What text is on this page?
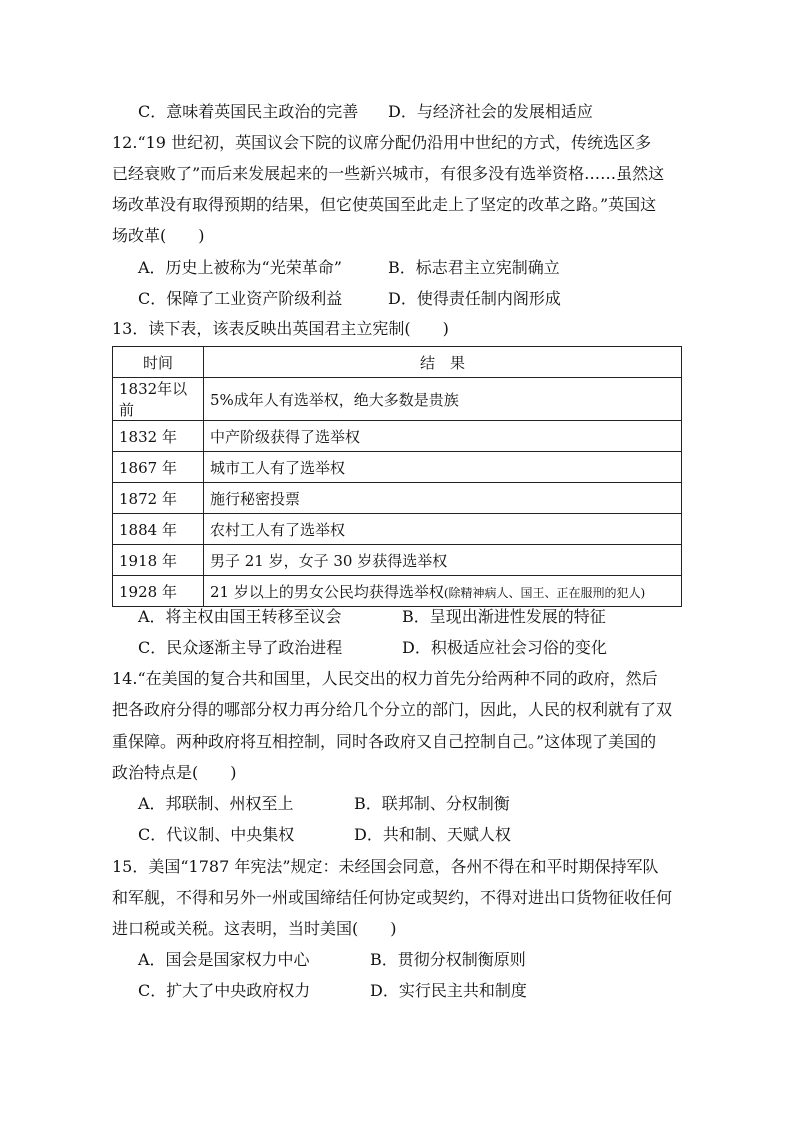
C．意味着英国民主政治的完善 D．与经济社会的发展相适应
12.“19 世纪初，英国议会下院的议席分配仍沿用中世纪的方式，传统选区多
已经衰败了”而后来发展起来的一些新兴城市，有很多没有选举资格……虽然这
场改革没有取得预期的结果，但它使英国至此走上了坚定的改革之路。”英国这
场改革(　　)
A．历史上被称为“光荣革命”	B．标志君主立宪制确立
C．保障了工业资产阶级利益	D．使得责任制内阁形成
13．读下表，该表反映出英国君主立宪制(　　)
时间	结　果
1832年以前	5%成年人有选举权，绝大多数是贵族
1832 年	中产阶级获得了选举权
1867 年	城市工人有了选举权
1872 年	施行秘密投票
1884 年	农村工人有了选举权
1918 年	男子 21 岁，女子 30 岁获得选举权
1928 年	21 岁以上的男女公民均获得选举权(除精神病人、国王、正在服刑的犯人)
A．将主权由国王转移至议会	B．呈现出渐进性发展的特征
C．民众逐渐主导了政治进程	D．积极适应社会习俗的变化
14.“在美国的复合共和国里，人民交出的权力首先分给两种不同的政府，然后
把各政府分得的哪部分权力再分给几个分立的部门，因此，人民的权利就有了双
重保障。两种政府将互相控制，同时各政府又自己控制自己。”这体现了美国的
政治特点是(　　)
A．邦联制、州权至上	B．联邦制、分权制衡
C．代议制、中央集权	D．共和制、天赋人权
15．美国“1787 年宪法”规定：未经国会同意，各州不得在和平时期保持军队
和军舰，不得和另外一州或国缔结任何协定或契约，不得对进出口货物征收任何
进口税或关税。这表明，当时美国(　　)
A．国会是国家权力中心	B．贯彻分权制衡原则
C．扩大了中央政府权力	D．实行民主共和制度
